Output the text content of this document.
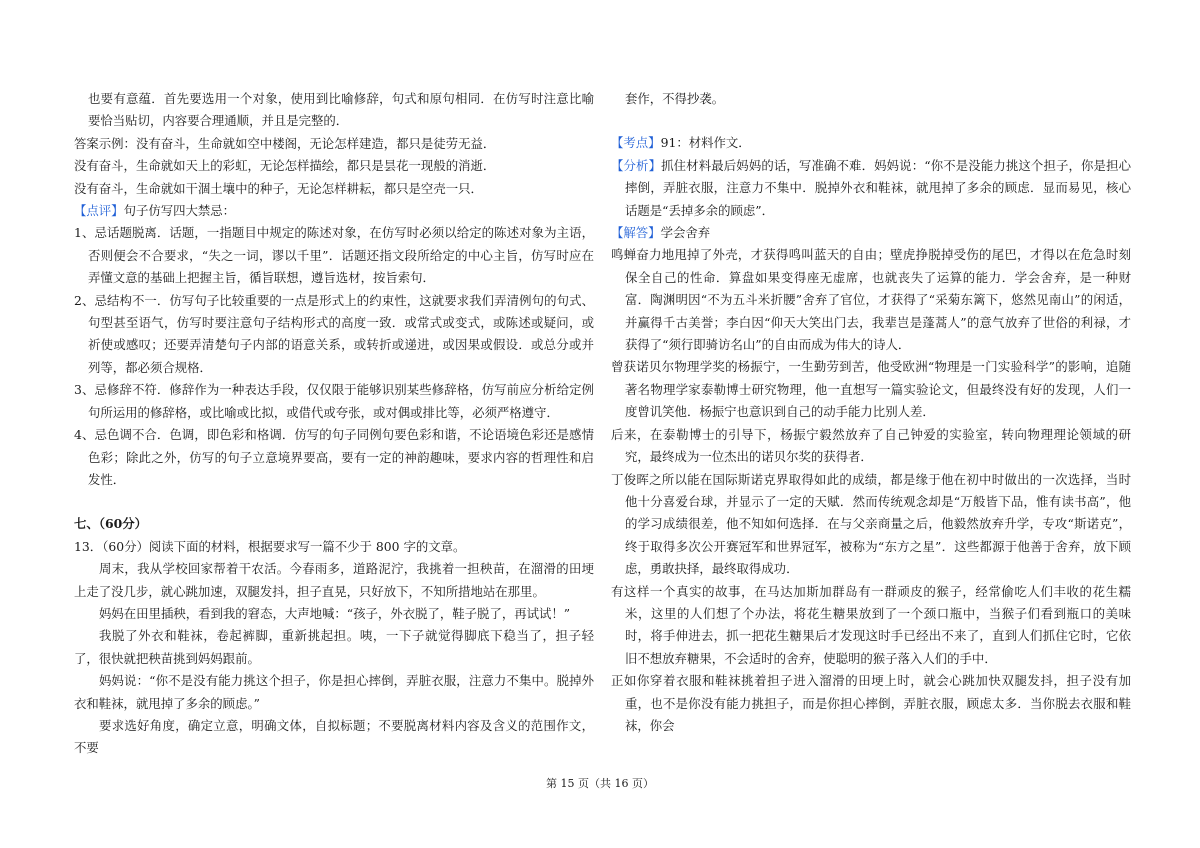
也要有意蕴．首先要选用一个对象，使用到比喻修辞，句式和原句相同．在仿写时注意比喻要恰当贴切，内容要合理通顺，并且是完整的．

答案示例：没有奋斗，生命就如空中楼阁，无论怎样建造，都只是徒劳无益．

没有奋斗，生命就如天上的彩虹，无论怎样描绘，都只是昙花一现般的消逝．

没有奋斗，生命就如干涸土壤中的种子，无论怎样耕耘，都只是空壳一只．

【点评】句子仿写四大禁忌：

1、忌话题脱离．话题，一指题目中规定的陈述对象，在仿写时必须以给定的陈述对象为主语，否则便会不合要求，“失之一词，谬以千里”．话题还指文段所给定的中心主旨，仿写时应在弄懂文意的基础上把握主旨，循旨联想，遵旨选材，按旨索句．

2、忌结构不一．仿写句子比较重要的一点是形式上的约束性，这就要求我们弄清例句的句式、句型甚至语气，仿写时要注意句子结构形式的高度一致．或常式或变式，或陈述或疑问，或祈使或感叹；还要弄清楚句子内部的语意关系，或转折或递进，或因果或假设．或总分或并列等，都必须合规格．

3、忌修辞不符．修辞作为一种表达手段，仅仅限于能够识别某些修辞格，仿写前应分析给定例句所运用的修辞格，或比喻或比拟，或借代或夸张，或对偶或排比等，必须严格遵守．

4、忌色调不合．色调，即色彩和格调．仿写的句子同例句要色彩和谐，不论语境色彩还是感情色彩；除此之外，仿写的句子立意境界要高，要有一定的神韵趣味，要求内容的哲理性和启发性．

七、（60分）

13．（60分）阅读下面的材料，根据要求写一篇不少于 800 字的文章。

周末，我从学校回家帮着干农活。今春雨多，道路泥泞，我挑着一担秧苗，在溜滑的田埂上走了没几步，就心跳加速，双腿发抖，担子直晃，只好放下，不知所措地站在那里。

妈妈在田里插秧，看到我的窘态，大声地喊：“孩子，外衣脱了，鞋子脱了，再试试！”

我脱了外衣和鞋袜，卷起裤脚，重新挑起担。咦，一下子就觉得脚底下稳当了，担子轻了，很快就把秧苗挑到妈妈跟前。

妈妈说：“你不是没有能力挑这个担子，你是担心摔倒，弄脏衣服，注意力不集中。脱掉外衣和鞋袜，就甩掉了多余的顾虑。”

要求选好角度，确定立意，明确文体，自拟标题；不要脱离材料内容及含义的范围作文，不要

套作，不得抄袭。

【考点】91：材料作文．

【分析】抓住材料最后妈妈的话，写准确不难．妈妈说：“你不是没能力挑这个担子，你是担心摔倒，弄脏衣服，注意力不集中．脱掉外衣和鞋袜，就甩掉了多余的顾虑．显而易见，核心话题是“丢掉多余的顾虑”．

【解答】学会舍弃

鸣蝉奋力地甩掉了外壳，才获得鸣叫蓝天的自由；壁虎挣脱掉受伤的尾巴，才得以在危急时刻保全自己的性命．算盘如果变得座无虚席，也就丧失了运算的能力．学会舍弃，是一种财富．陶渊明因“不为五斗米折腰”舍弃了官位，才获得了“采菊东篱下，悠然见南山”的闲适，并赢得千古美誉；李白因“仰天大笑出门去，我辈岂是蓬蒿人”的意气放弃了世俗的利禄，才获得了“须行即骑访名山”的自由而成为伟大的诗人．

曾获诺贝尔物理学奖的杨振宁，一生勤劳到苦，他受欧洲“物理是一门实验科学”的影响，追随著名物理学家泰勒博士研究物理，他一直想写一篇实验论文，但最终没有好的发现，人们一度曾讥笑他．杨振宁也意识到自己的动手能力比别人差．

后来，在泰勒博士的引导下，杨振宁毅然放弃了自己钟爱的实验室，转向物理理论领域的研究，最终成为一位杰出的诺贝尔奖的获得者．

丁俊晖之所以能在国际斯诺克界取得如此的成绩，都是缘于他在初中时做出的一次选择，当时他十分喜爱台球，并显示了一定的天赋．然而传统观念却是“万般皆下品，惟有读书高”，他的学习成绩很差，他不知如何选择．在与父亲商量之后，他毅然放弃升学，专攻“斯诺克”，终于取得多次公开赛冠军和世界冠军，被称为“东方之星”．这些都源于他善于舍弃，放下顾虑，勇敢抉择，最终取得成功．

有这样一个真实的故事，在马达加斯加群岛有一群顽皮的猴子，经常偷吃人们丰收的花生糯米，这里的人们想了个办法，将花生糖果放到了一个颈口瓶中，当猴子们看到瓶口的美味时，将手伸进去，抓一把花生糖果后才发现这时手已经出不来了，直到人们抓住它时，它依旧不想放弃糖果，不会适时的舍弃，使聪明的猴子落入人们的手中．

正如你穿着衣服和鞋袜挑着担子进入溜滑的田埂上时，就会心跳加快双腿发抖，担子没有加重，也不是你没有能力挑担子，而是你担心摔倒，弄脏衣服，顾虑太多．当你脱去衣服和鞋袜，你会

第 15 页（共 16 页）
